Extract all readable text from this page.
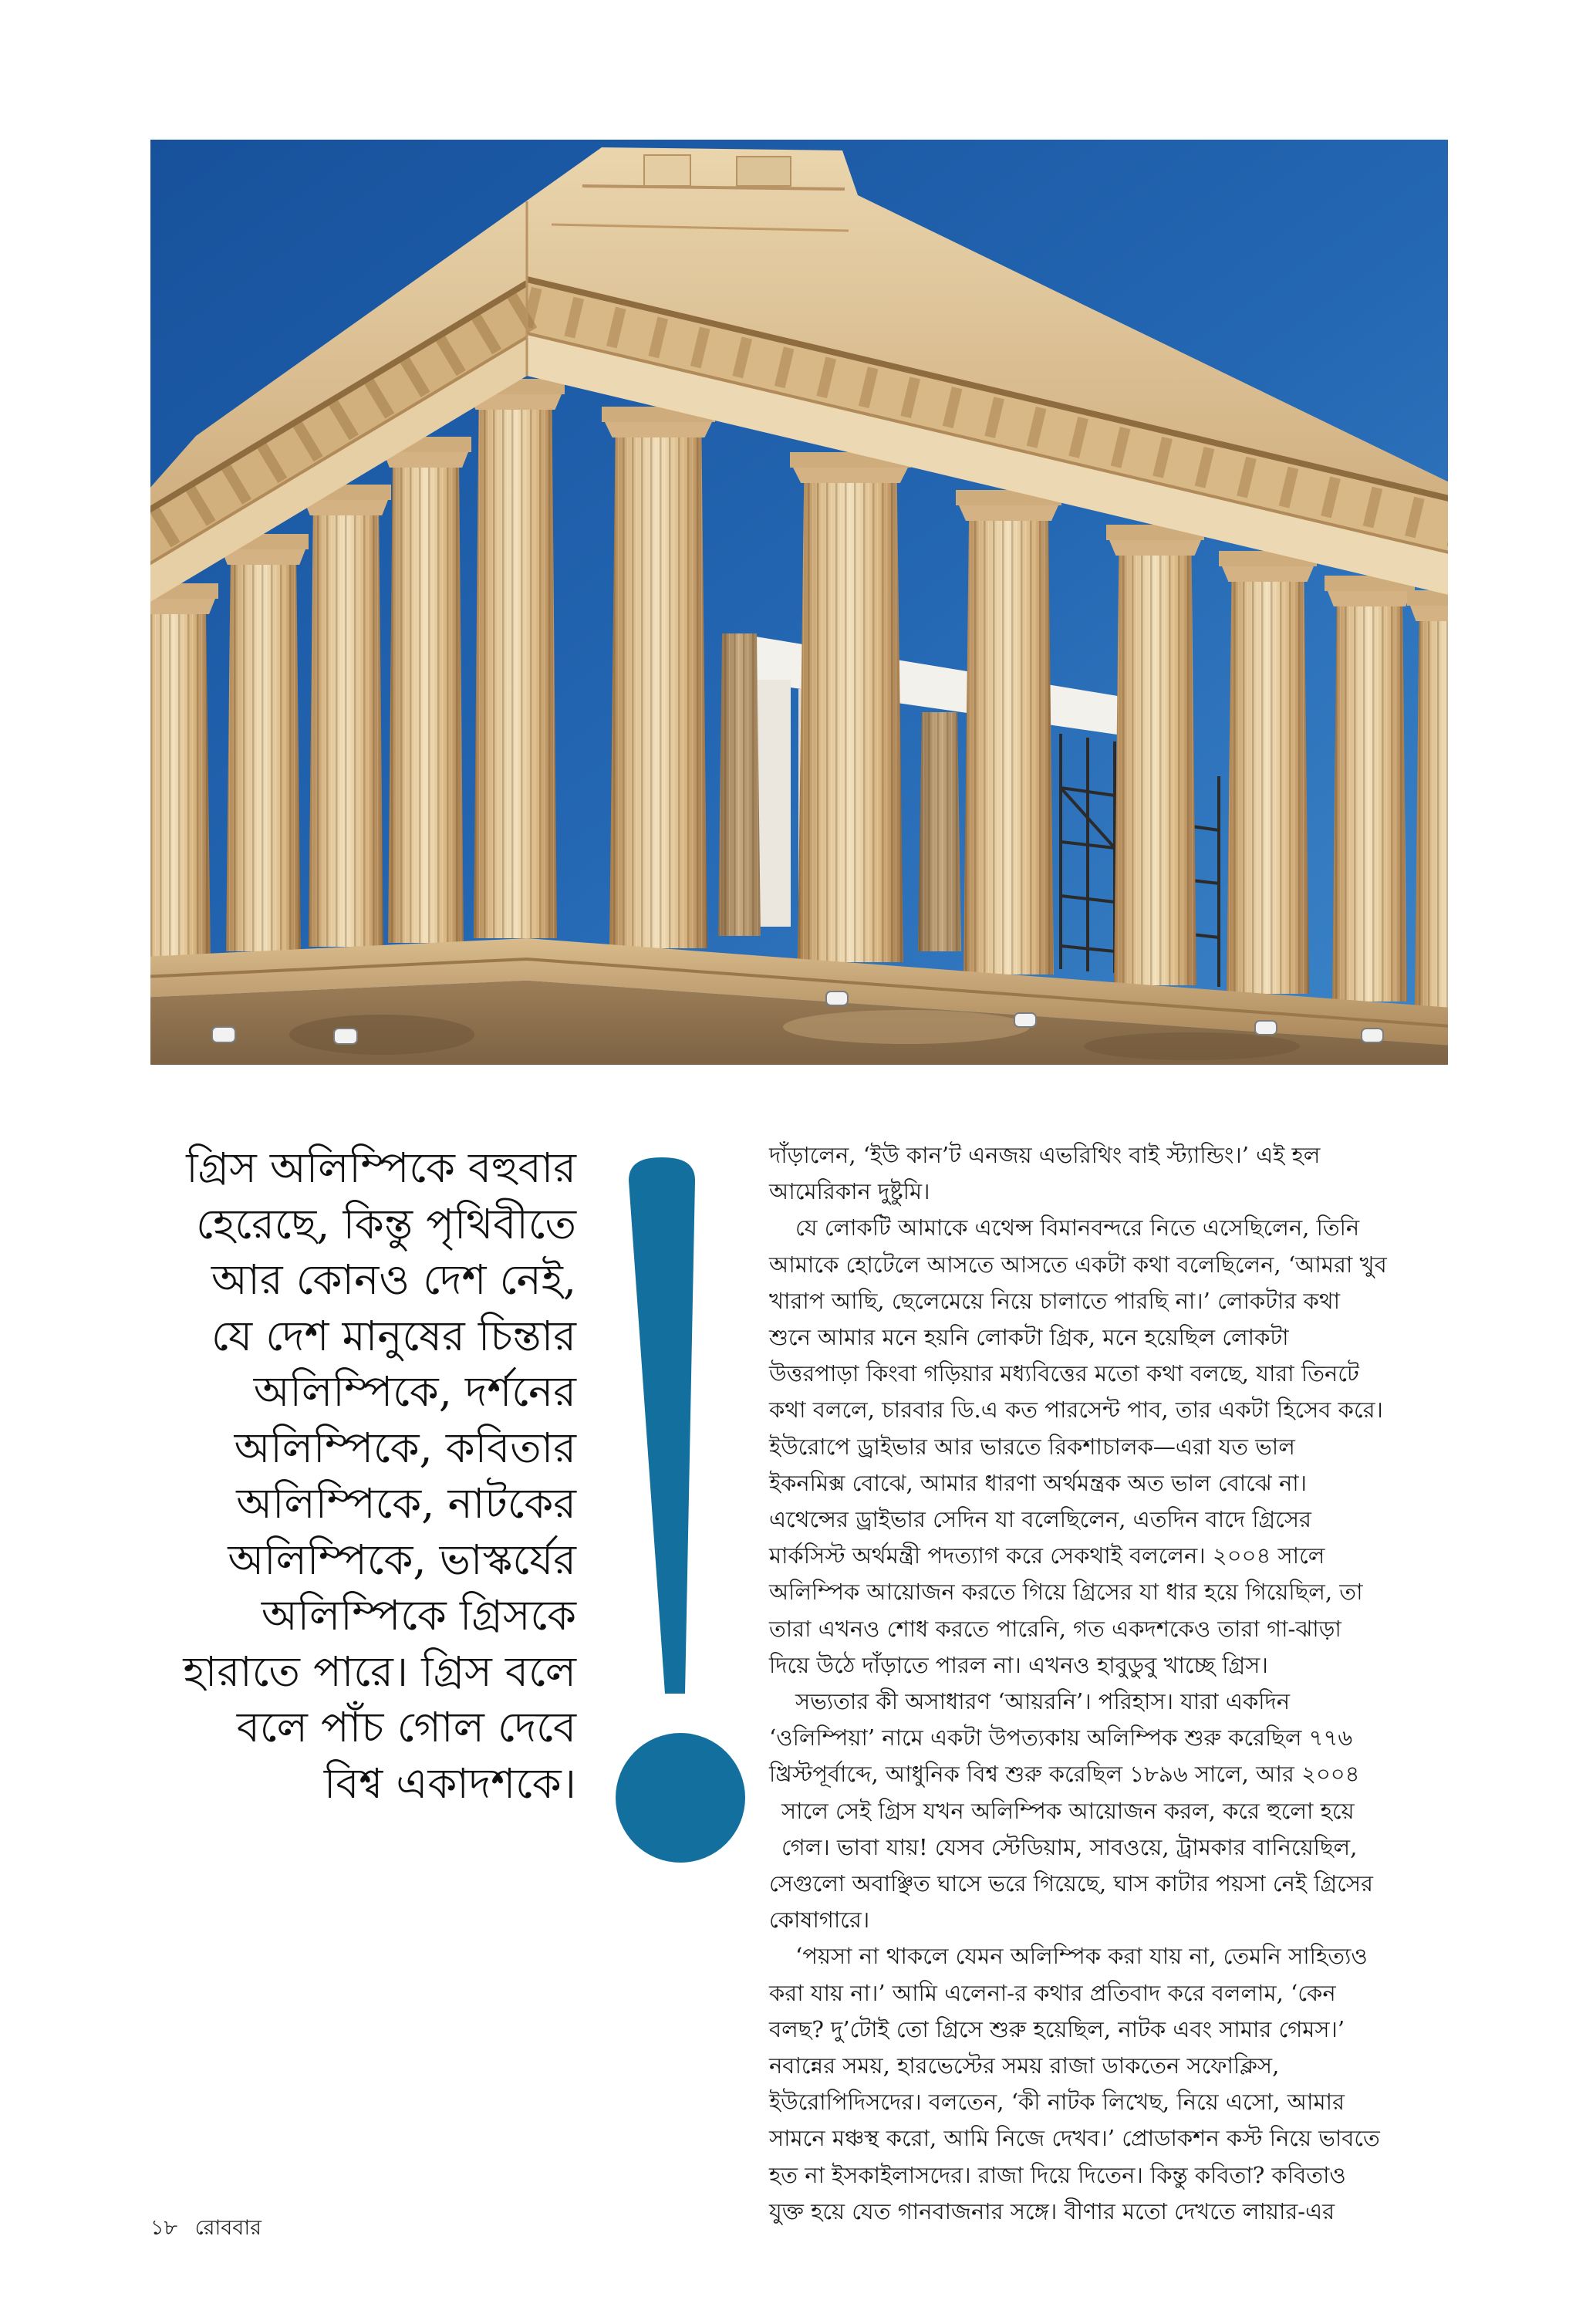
গ্রিস অলিম্পিকে বহুবার
হেরেছে, কিন্তু পৃথিবীতে
আর কোনও দেশ নেই,
যে দেশ মানুষের চিন্তার
অলিম্পিকে, দর্শনের
অলিম্পিকে, কবিতার
অলিম্পিকে, নাটকের
অলিম্পিকে, ভাস্কর্যের
অলিম্পিকে গ্রিসকে
হারাতে পারে। গ্রিস বলে
বলে পাঁচ গোল দেবে
বিশ্ব একাদশকে।
দাঁড়ালেন, ‘ইউ কান’ট এনজয় এভরিথিং বাই স্ট্যান্ডিং।’ এই হল
আমেরিকান দুষ্টুমি।
যে লোকটি আমাকে এথেন্স বিমানবন্দরে নিতে এসেছিলেন, তিনি
আমাকে হোটেলে আসতে আসতে একটা কথা বলেছিলেন, ‘আমরা খুব
খারাপ আছি, ছেলেমেয়ে নিয়ে চালাতে পারছি না।’ লোকটার কথা
শুনে আমার মনে হয়নি লোকটা গ্রিক, মনে হয়েছিল লোকটা
উত্তরপাড়া কিংবা গড়িয়ার মধ্যবিত্তের মতো কথা বলছে, যারা তিনটে
কথা বললে, চারবার ডি.এ কত পারসেন্ট পাব, তার একটা হিসেব করে।
ইউরোপে ড্রাইভার আর ভারতে রিকশাচালক—এরা যত ভাল
ইকনমিক্স বোঝে, আমার ধারণা অর্থমন্ত্রক অত ভাল বোঝে না।
এথেন্সের ড্রাইভার সেদিন যা বলেছিলেন, এতদিন বাদে গ্রিসের
মার্কসিস্ট অর্থমন্ত্রী পদত্যাগ করে সেকথাই বললেন। ২০০৪ সালে
অলিম্পিক আয়োজন করতে গিয়ে গ্রিসের যা ধার হয়ে গিয়েছিল, তা
তারা এখনও শোধ করতে পারেনি, গত একদশকেও তারা গা-ঝাড়া
দিয়ে উঠে দাঁড়াতে পারল না। এখনও হাবুডুবু খাচ্ছে গ্রিস।
সভ্যতার কী অসাধারণ ‘আয়রনি’। পরিহাস। যারা একদিন
‘ওলিম্পিয়া’ নামে একটা উপত্যকায় অলিম্পিক শুরু করেছিল ৭৭৬
খ্রিস্টপূর্বাব্দে, আধুনিক বিশ্ব শুরু করেছিল ১৮৯৬ সালে, আর ২০০৪
সালে সেই গ্রিস যখন অলিম্পিক আয়োজন করল, করে হুলো হয়ে
গেল। ভাবা যায়! যেসব স্টেডিয়াম, সাবওয়ে, ট্রামকার বানিয়েছিল,
সেগুলো অবাঞ্ছিত ঘাসে ভরে গিয়েছে, ঘাস কাটার পয়সা নেই গ্রিসের
কোষাগারে।
‘পয়সা না থাকলে যেমন অলিম্পিক করা যায় না, তেমনি সাহিত্যও
করা যায় না।’ আমি এলেনা-র কথার প্রতিবাদ করে বললাম, ‘কেন
বলছ? দু’টোই তো গ্রিসে শুরু হয়েছিল, নাটক এবং সামার গেমস।’
নবান্নের সময়, হারভেস্টের সময় রাজা ডাকতেন সফোক্লিস,
ইউরোপিদিসদের। বলতেন, ‘কী নাটক লিখেছ, নিয়ে এসো, আমার
সামনে মঞ্চস্থ করো, আমি নিজে দেখব।’ প্রোডাকশন কস্ট নিয়ে ভাবতে
হত না ইসকাইলাসদের। রাজা দিয়ে দিতেন। কিন্তু কবিতা? কবিতাও
যুক্ত হয়ে যেত গানবাজনার সঙ্গে। বীণার মতো দেখতে লায়ার-এর
১৮ রোববার
